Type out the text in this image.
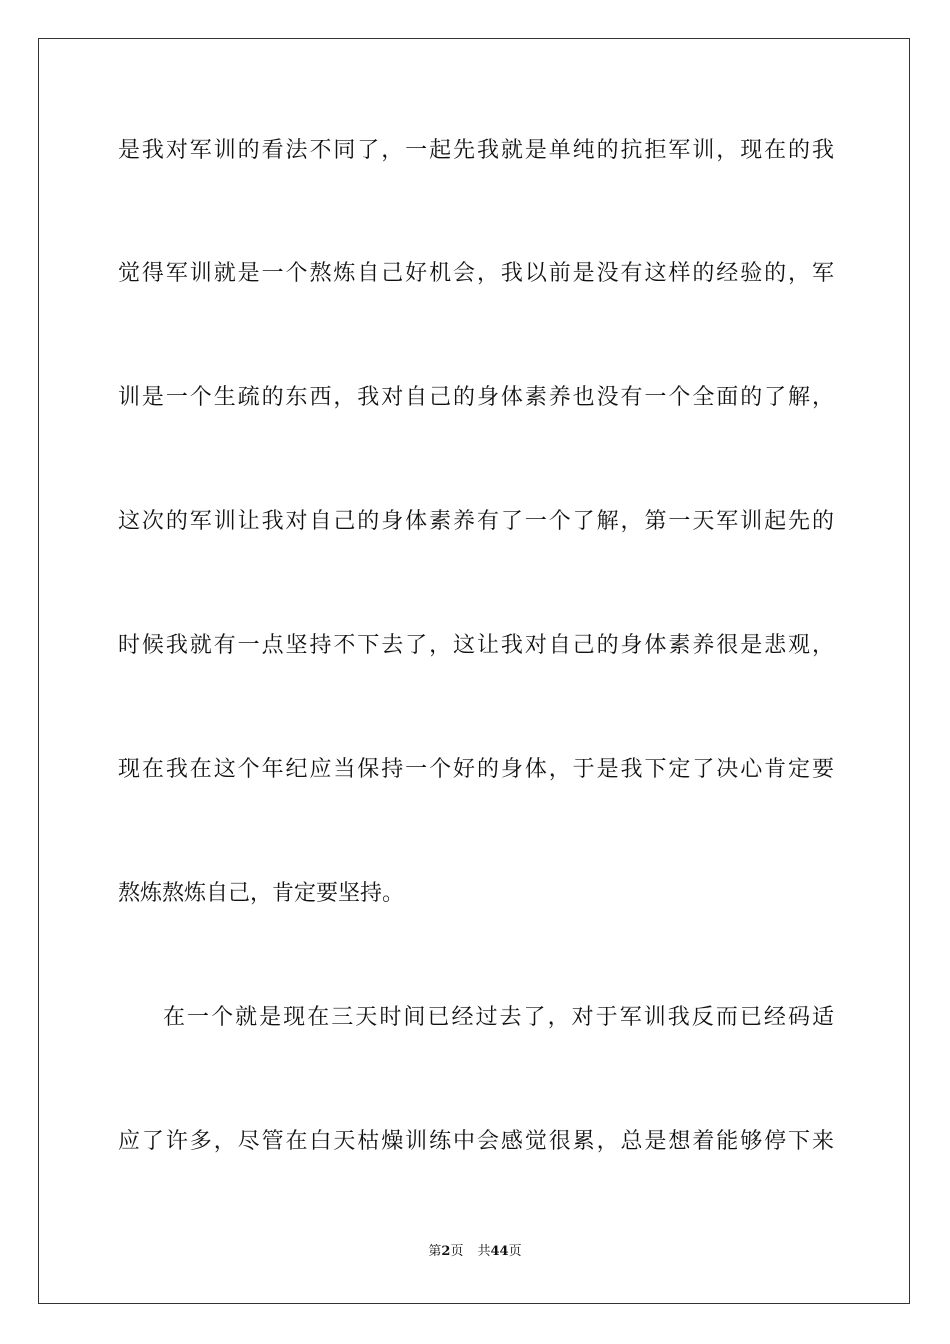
是我对军训的看法不同了，一起先我就是单纯的抗拒军训，现在的我

觉得军训就是一个熬炼自己好机会，我以前是没有这样的经验的，军

训是一个生疏的东西，我对自己的身体素养也没有一个全面的了解，

这次的军训让我对自己的身体素养有了一个了解，第一天军训起先的

时候我就有一点坚持不下去了，这让我对自己的身体素养很是悲观，

现在我在这个年纪应当保持一个好的身体，于是我下定了决心肯定要

熬炼熬炼自己，肯定要坚持。

在一个就是现在三天时间已经过去了，对于军训我反而已经码适

应了许多，尽管在白天枯燥训练中会感觉很累，总是想着能够停下来

第2页 共44页
